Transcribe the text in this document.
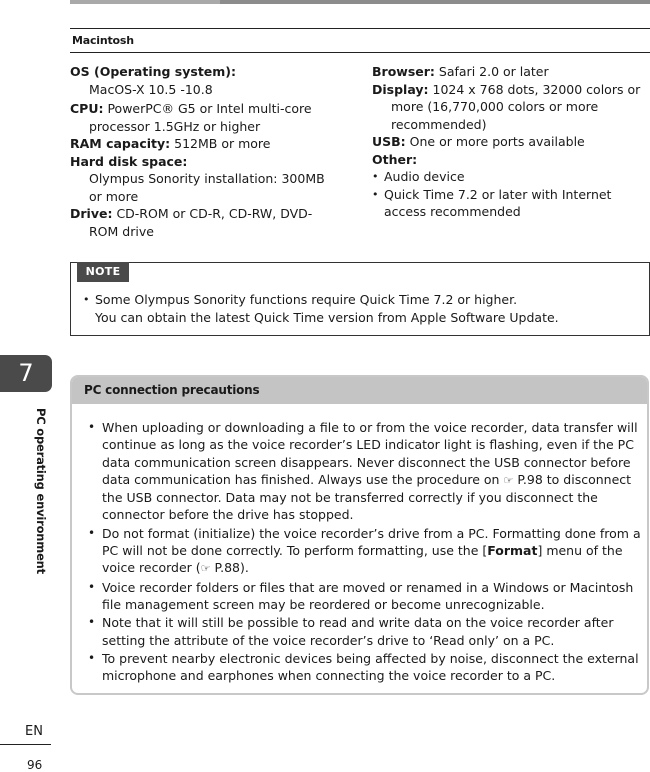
Macintosh

OS (Operating system):

MacOS-X 10.5 -10.8

CPU: PowerPC® G5 or Intel multi-core processor 1.5GHz or higher

RAM capacity: 512MB or more

Hard disk space:

Olympus Sonority installation: 300MB or more

Drive: CD-ROM or CD-R, CD-RW, DVD-ROM drive

Browser: Safari 2.0 or later

Display: 1024 x 768 dots, 32000 colors or more (16,770,000 colors or more recommended)

USB: One or more ports available

Other:

• Audio device

• Quick Time 7.2 or later with Internet access recommended

NOTE
• Some Olympus Sonority functions require Quick Time 7.2 or higher.
You can obtain the latest Quick Time version from Apple Software Update.
7
PC operating environment
PC connection precautions
• When uploading or downloading a file to or from the voice recorder, data transfer will continue as long as the voice recorder’s LED indicator light is flashing, even if the PC data communication screen disappears. Never disconnect the USB connector before data communication has finished. Always use the procedure on ☞ P.98 to disconnect the USB connector. Data may not be transferred correctly if you disconnect the connector before the drive has stopped.
• Do not format (initialize) the voice recorder’s drive from a PC. Formatting done from a PC will not be done correctly. To perform formatting, use the [Format] menu of the voice recorder (☞ P.88).
• Voice recorder folders or files that are moved or renamed in a Windows or Macintosh file management screen may be reordered or become unrecognizable.
• Note that it will still be possible to read and write data on the voice recorder after setting the attribute of the voice recorder’s drive to ‘Read only’ on a PC.
• To prevent nearby electronic devices being affected by noise, disconnect the external microphone and earphones when connecting the voice recorder to a PC.
EN
96
